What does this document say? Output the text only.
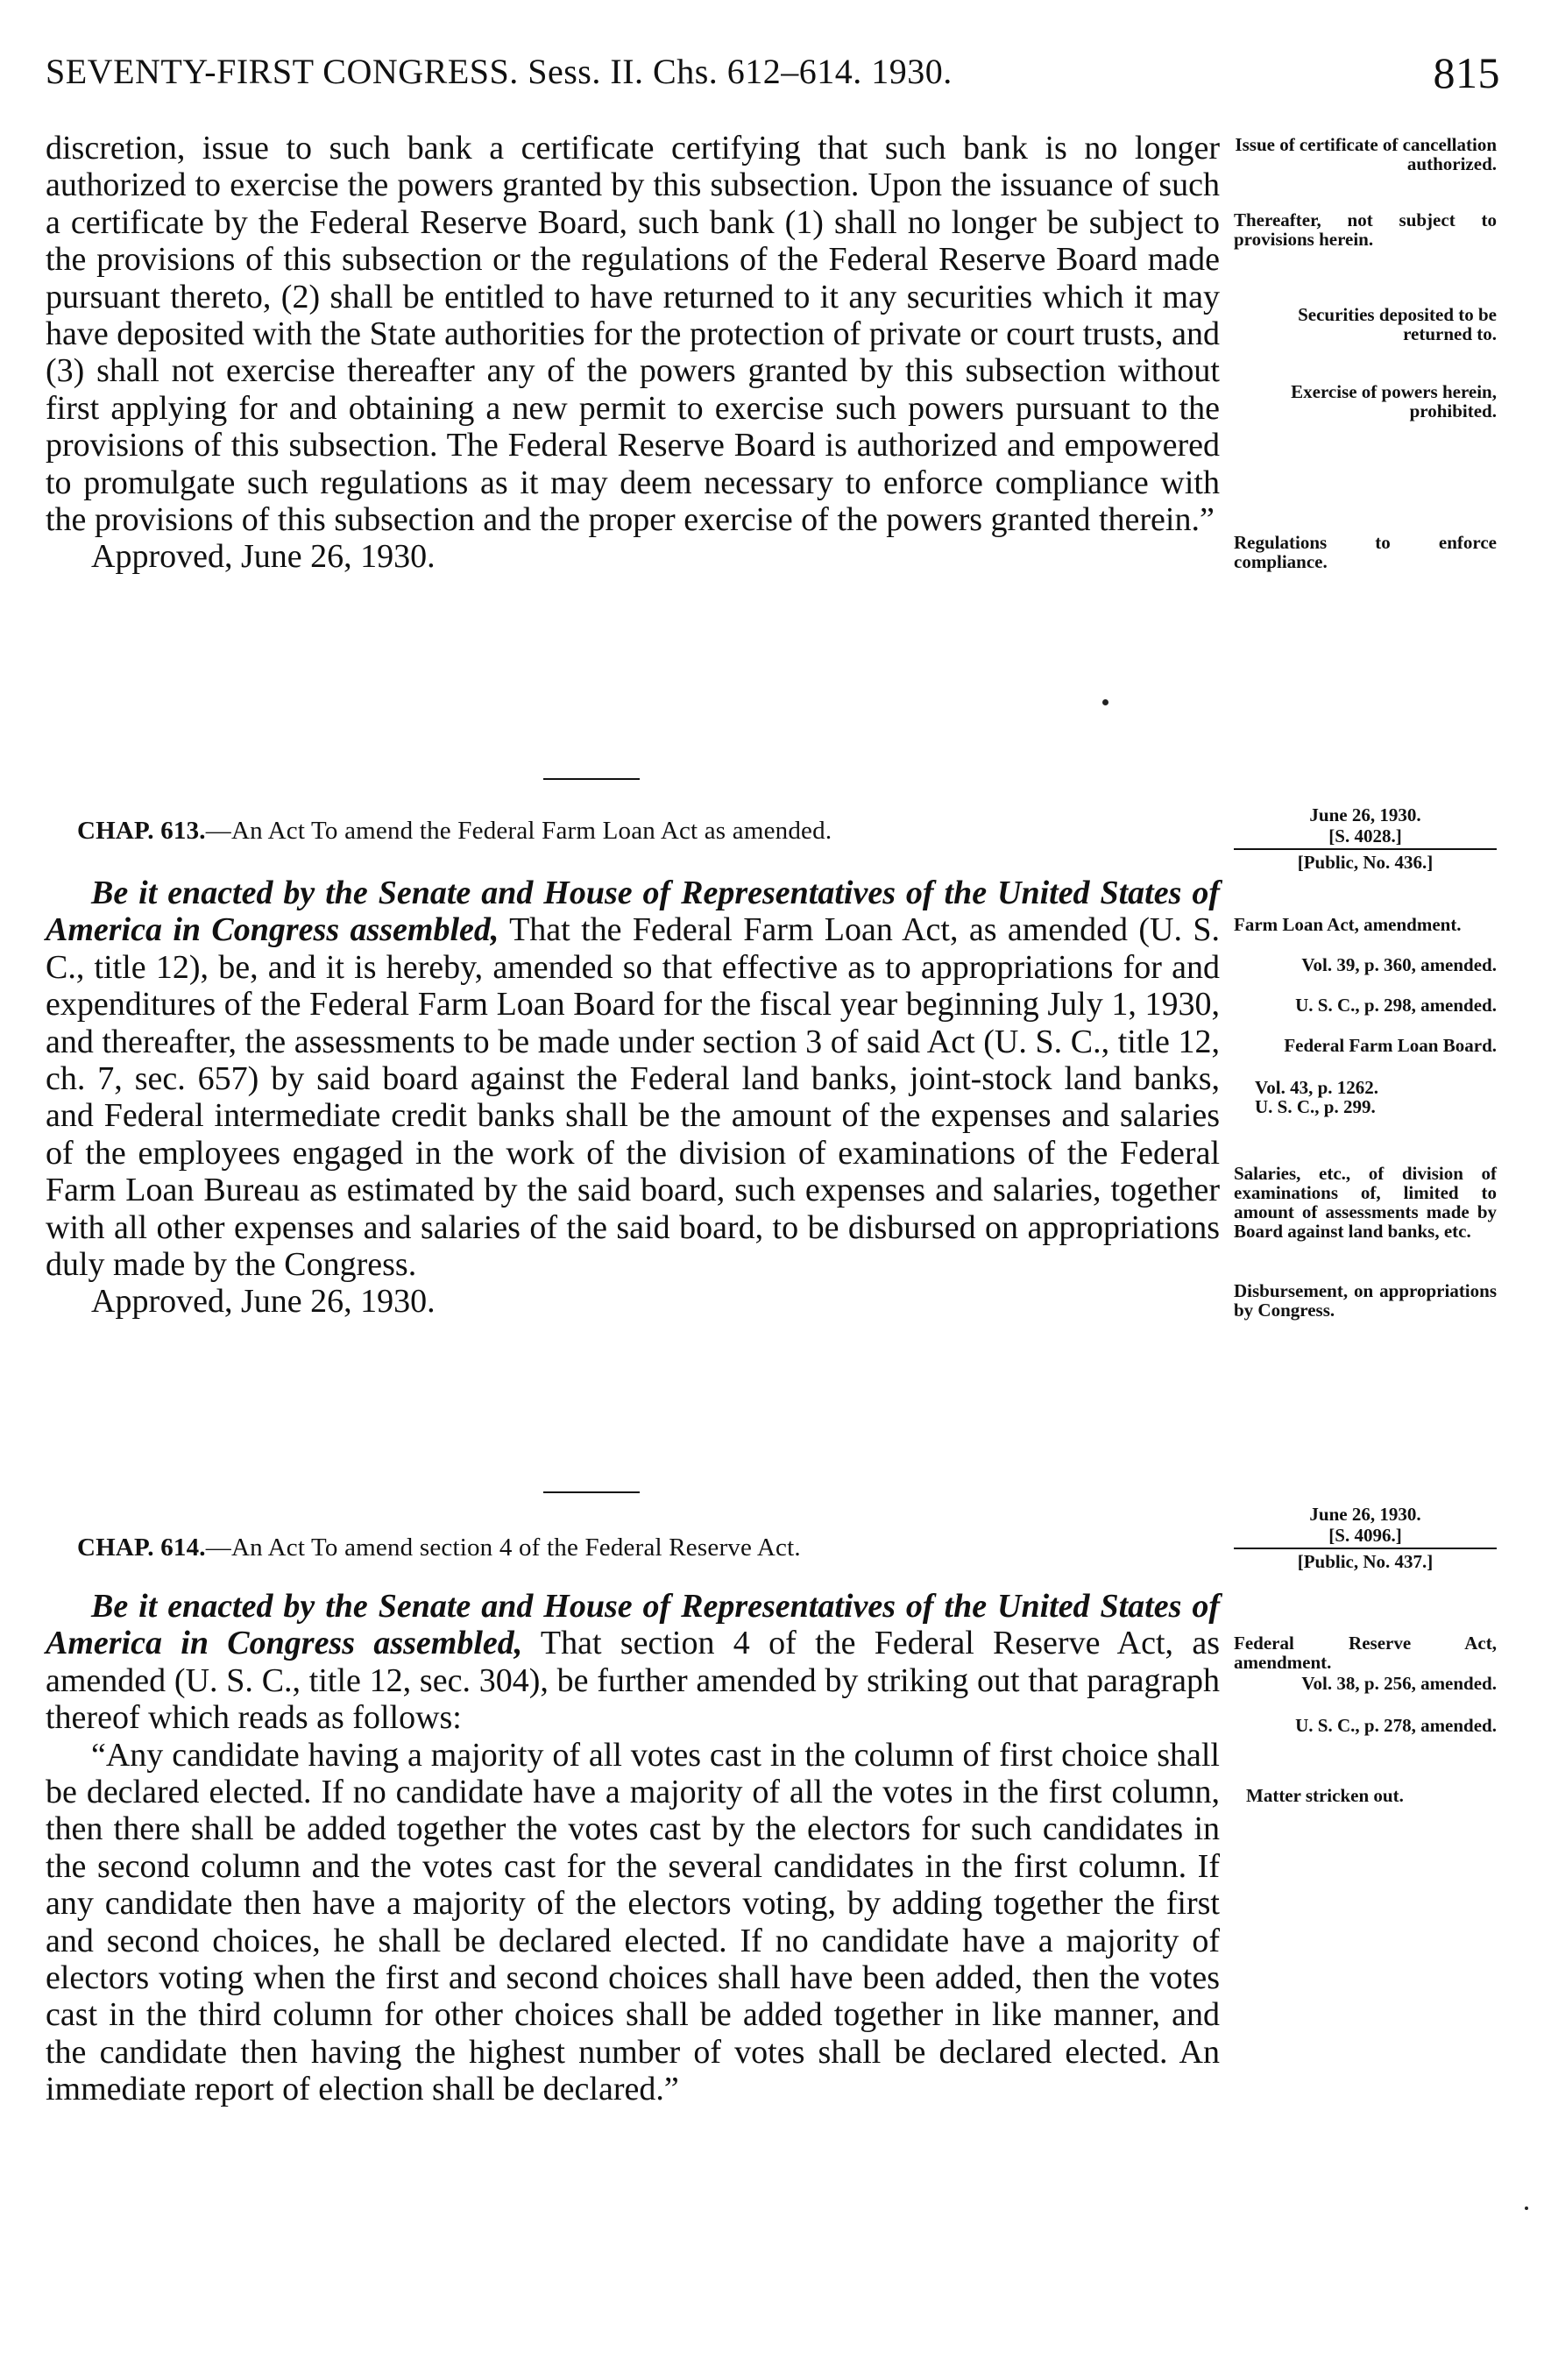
SEVENTY-FIRST CONGRESS. Sess. II. Chs. 612–614. 1930.	815

discretion, issue to such bank a certificate certifying that such bank is no longer authorized to exercise the powers granted by this subsection. Upon the issuance of such a certificate by the Federal Reserve Board, such bank (1) shall no longer be subject to the provisions of this subsection or the regulations of the Federal Reserve Board made pursuant thereto, (2) shall be entitled to have returned to it any securities which it may have deposited with the State authorities for the protection of private or court trusts, and (3) shall not exercise thereafter any of the powers granted by this subsection without first applying for and obtaining a new permit to exercise such powers pursuant to the provisions of this subsection. The Federal Reserve Board is authorized and empowered to promulgate such regulations as it may deem necessary to enforce compliance with the provisions of this subsection and the proper exercise of the powers granted therein.”

Approved, June 26, 1930.

Issue of certificate of cancellation authorized.
Thereafter, not subject to provisions herein.
Securities deposited to be returned to.
Exercise of powers herein, prohibited.
Regulations to enforce compliance.
CHAP. 613.—An Act To amend the Federal Farm Loan Act as amended.
June 26, 1930.
[S. 4028.]
[Public, No. 436.]

Be it enacted by the Senate and House of Representatives of the United States of America in Congress assembled, That the Federal Farm Loan Act, as amended (U. S. C., title 12), be, and it is hereby, amended so that effective as to appropriations for and expenditures of the Federal Farm Loan Board for the fiscal year beginning July 1, 1930, and thereafter, the assessments to be made under section 3 of said Act (U. S. C., title 12, ch. 7, sec. 657) by said board against the Federal land banks, joint-stock land banks, and Federal intermediate credit banks shall be the amount of the expenses and salaries of the employees engaged in the work of the division of examinations of the Federal Farm Loan Bureau as estimated by the said board, such expenses and salaries, together with all other expenses and salaries of the said board, to be disbursed on appropriations duly made by the Congress.

Approved, June 26, 1930.

Farm Loan Act, amendment.
Vol. 39, p. 360, amended.
U. S. C., p. 298, amended.
Federal Farm Loan Board.
Vol. 43, p. 1262.
U. S. C., p. 299.
Salaries, etc., of division of examinations of, limited to amount of assessments made by Board against land banks, etc.
Disbursement, on appropriations by Congress.
CHAP. 614.—An Act To amend section 4 of the Federal Reserve Act.
June 26, 1930.
[S. 4096.]
[Public, No. 437.]

Be it enacted by the Senate and House of Representatives of the United States of America in Congress assembled, That section 4 of the Federal Reserve Act, as amended (U. S. C., title 12, sec. 304), be further amended by striking out that paragraph thereof which reads as follows:

“Any candidate having a majority of all votes cast in the column of first choice shall be declared elected. If no candidate have a majority of all the votes in the first column, then there shall be added together the votes cast by the electors for such candidates in the second column and the votes cast for the several candidates in the first column. If any candidate then have a majority of the electors voting, by adding together the first and second choices, he shall be declared elected. If no candidate have a majority of electors voting when the first and second choices shall have been added, then the votes cast in the third column for other choices shall be added together in like manner, and the candidate then having the highest number of votes shall be declared elected. An immediate report of election shall be declared.”

Federal Reserve Act, amendment.
Vol. 38, p. 256, amended.
U. S. C., p. 278, amended.
Matter stricken out.
